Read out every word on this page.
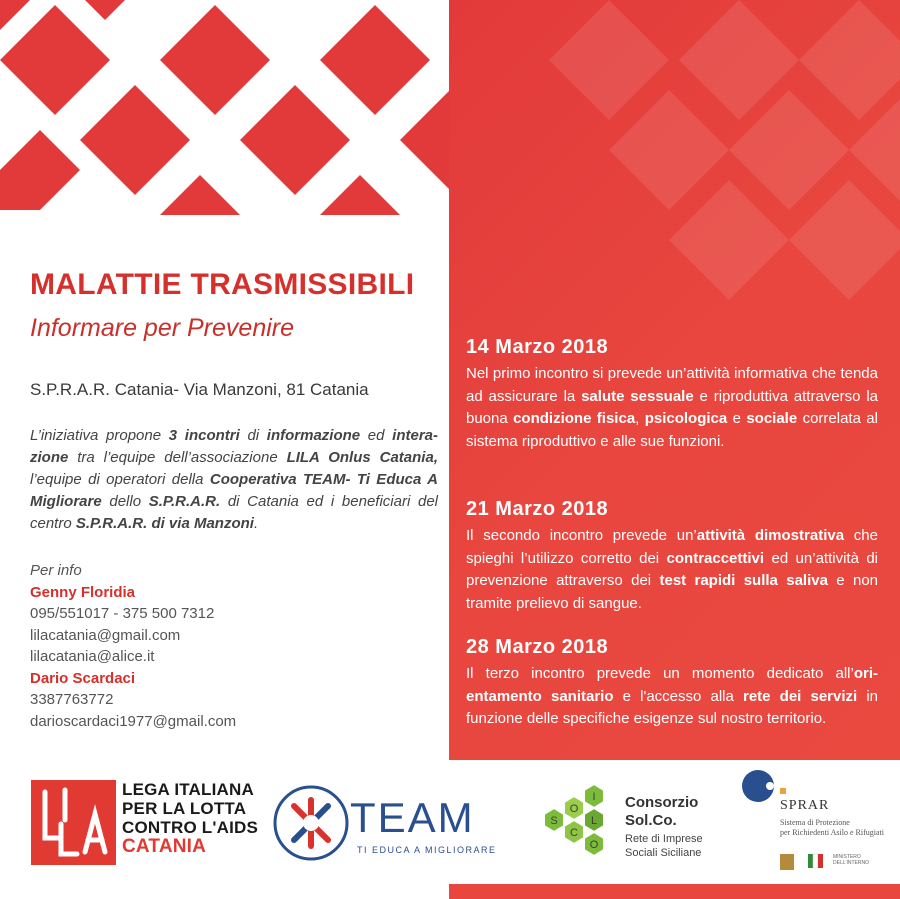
MALATTIE TRASMISSIBILI
Informare per Prevenire
S.P.R.A.R. Catania- Via Manzoni, 81 Catania
L’iniziativa propone 3 incontri di informazione ed intera-zione tra l’equipe dell’associazione LILA Onlus Catania, l’equipe di operatori della Cooperativa TEAM- Ti Educa A Migliorare dello S.P.R.A.R. di Catania ed i beneficiari del centro S.P.R.A.R. di via Manzoni.
Per info
Genny Floridia
095/551017 - 375 500 7312
lilacatania@gmail.com
lilacatania@alice.it
Dario Scardaci
3387763772
darioscardaci1977@gmail.com
14 Marzo 2018

Nel primo incontro si prevede un’attività informativa che tenda ad assicurare la salute sessuale e riproduttiva attraverso la buona condizione fisica, psicologica e sociale correlata al sistema riproduttivo e alle sue funzioni.

21 Marzo 2018

Il secondo incontro prevede un’attività dimostrativa che spieghi l’utilizzo corretto dei contraccettivi ed un’attività di prevenzione attraverso dei test rapidi sulla saliva e non tramite prelievo di sangue.

28 Marzo 2018

Il terzo incontro prevede un momento dedicato all’ori-entamento sanitario e l'accesso alla rete dei servizi in funzione delle specifiche esigenze sul nostro territorio.

LEGA ITALIANA
PER LA LOTTA
CONTRO L'AIDS
CATANIA
TEAM
TI EDUCA A MIGLIORARE
S
O
I
C
L
O
Consorzio
Sol.Co.
Rete di Imprese
Sociali Siciliane
SPRAR
Sistema di Protezione
per Richiedenti Asilo e Rifugiati
MINISTERO DELL'INTERNO
